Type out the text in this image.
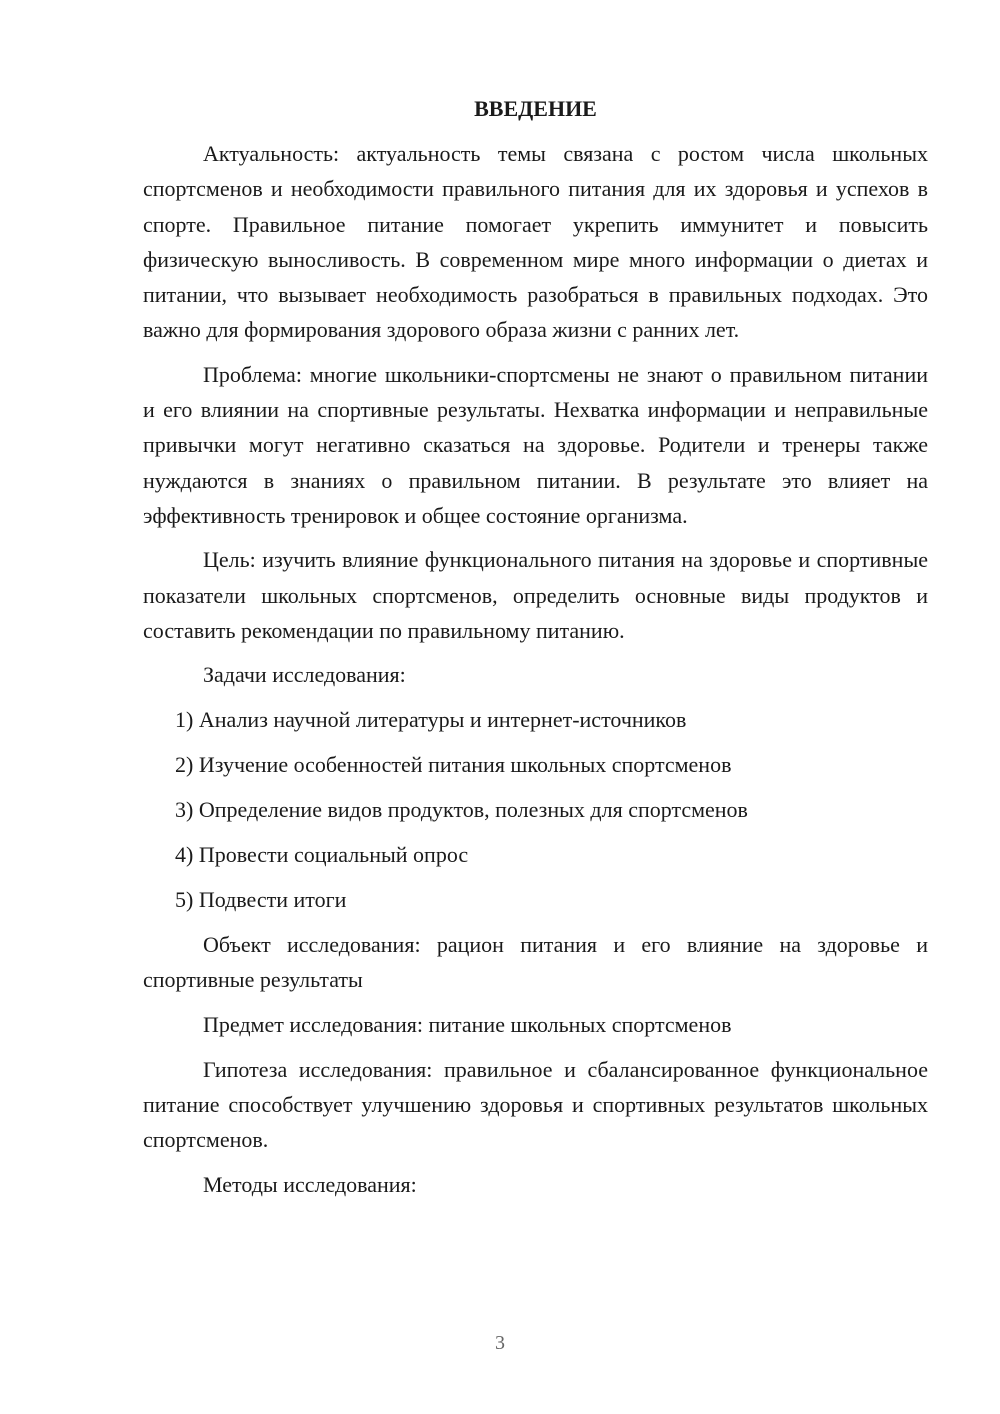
ВВЕДЕНИЕ

Актуальность: актуальность темы связана с ростом числа школьных спортсменов и необходимости правильного питания для их здоровья и успехов в спорте. Правильное питание помогает укрепить иммунитет и повысить физическую выносливость. В современном мире много информации о диетах и питании, что вызывает необходимость разобраться в правильных подходах. Это важно для формирования здорового образа жизни с ранних лет.

Проблема: многие школьники-спортсмены не знают о правильном питании и его влиянии на спортивные результаты. Нехватка информации и неправильные привычки могут негативно сказаться на здоровье. Родители и тренеры также нуждаются в знаниях о правильном питании. В результате это влияет на эффективность тренировок и общее состояние организма.

Цель: изучить влияние функционального питания на здоровье и спортивные показатели школьных спортсменов, определить основные виды продуктов и составить рекомендации по правильному питанию.

Задачи исследования:
1) Анализ научной литературы и интернет-источников
2) Изучение особенностей питания школьных спортсменов
3) Определение видов продуктов, полезных для спортсменов
4) Провести социальный опрос
5) Подвести итоги

Объект исследования: рацион питания и его влияние на здоровье и спортивные результаты

Предмет исследования: питание школьных спортсменов

Гипотеза исследования: правильное и сбалансированное функциональное питание способствует улучшению здоровья и спортивных результатов школьных спортсменов.

Методы исследования:
3
